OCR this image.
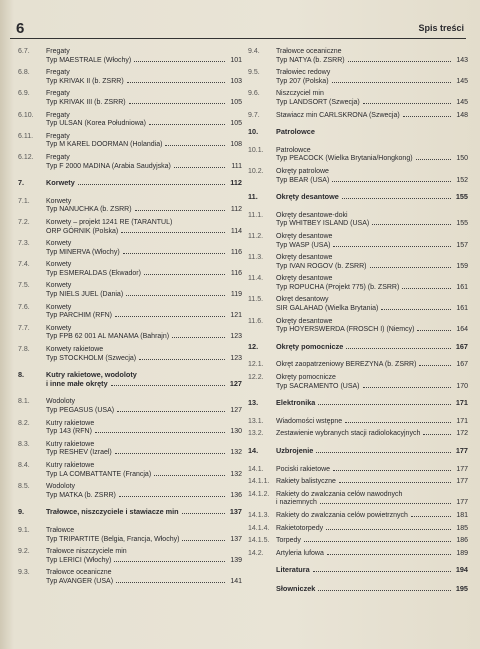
6	Spis treści
6.7. Fregaty
Typ MAESTRALE (Włochy)	101
6.8. Fregaty
Typ KRIVAK II (b. ZSRR)	103
6.9. Fregaty
Typ KRIVAK III (b. ZSRR)	105
6.10. Fregaty
Typ ULSAN (Korea Południowa)	105
6.11. Fregaty
Typ M KAREL DOORMAN (Holandia)	108
6.12. Fregaty
Typ F 2000 MADINA (Arabia Saudyjska)	111
7.	Korwety	112
7.1. Korwety
Typ NANUCHKA (b. ZSRR)	112
7.2. Korwety – projekt 1241 RE (TARANTUL)
ORP GÓRNIK (Polska)	114
7.3. Korwety
Typ MINERVA (Włochy)	116
7.4. Korwety
Typ ESMERALDAS (Ekwador)	116
7.5. Korwety
Typ NIELS JUEL (Dania)	119
7.6. Korwety
Typ PARCHIM (RFN)	121
7.7. Korwety
Typ FPB 62 001 AL MANAMA (Bahrajn)	123
7.8. Korwety rakietowe
Typ STOCKHOLM (Szwecja)	123
8.	Kutry rakietowe, wodoloty
i inne małe okręty	127
8.1. Wodoloty
Typ PEGASUS (USA)	127
8.2. Kutry rakietowe
Typ 143 (RFN)	130
8.3. Kutry rakietowe
Typ RESHEV (Izrael)	132
8.4. Kutry rakietowe
Typ LA COMBATTANTE (Francja)	132
8.5. Wodoloty
Typ MATKA (b. ZSRR)	136
9.	Trałowce, niszczyciele i stawiacze min	137
9.1. Trałowce
Typ TRIPARTITE (Belgia, Francja, Włochy)	137
9.2. Trałowce niszczyciele min
Typ LERICI (Włochy)	139
9.3. Trałowce oceaniczne
Typ AVANGER (USA)	141
9.4. Trałowce oceaniczne
Typ NATYA (b. ZSRR)	143
9.5. Trałowiec redowy
Typ 207 (Polska)	145
9.6. Niszczyciel min
Typ LANDSORT (Szwecja)	145
9.7. Stawiacz min CARLSKRONA (Szwecja)	148
10. Patrolowce
10.1. Patrolowce
Typ PEACOCK (Wielka Brytania/Hongkong)	150
10.2. Okręty patrolowe
Typ BEAR (USA)	152
11.	Okręty desantowe	155
11.1. Okręty desantowe-doki
Typ WHITBEY ISLAND (USA)	155
11.2. Okręty desantowe
Typ WASP (USA)	157
11.3. Okręty desantowe
Typ IVAN ROGOV (b. ZSRR)	159
11.4. Okręty desantowe
Typ ROPUCHA (Projekt 775) (b. ZSRR)	161
11.5. Okręt desantowy
SIR GALAHAD (Wielka Brytania)	161
11.6. Okręty desantowe
Typ HOYERSWERDA (FROSCH I) (Niemcy)	164
12. Okręty pomocnicze	167
12.1. Okręt zaopatrzeniowy BEREZYNA (b. ZSRR)	167
12.2. Okręty pomocnicze
Typ SACRAMENTO (USA)	170
13. Elektronika	171
13.1. Wiadomości wstępne	171
13.2. Zestawienie wybranych stacji radiolokacyjnych	172
14. Uzbrojenie	177
14.1. Pociski rakietowe	177
14.1.1. Rakiety balistyczne	177
14.1.2. Rakiety do zwalczania celów nawodnych
i naziemnych	177
14.1.3. Rakiety do zwalczania celów powietrznych	181
14.1.4. Rakietotorpedy	185
14.1.5. Torpedy	186
14.2. Artyleria lufowa	189
Literatura	194
Słowniczek	195
